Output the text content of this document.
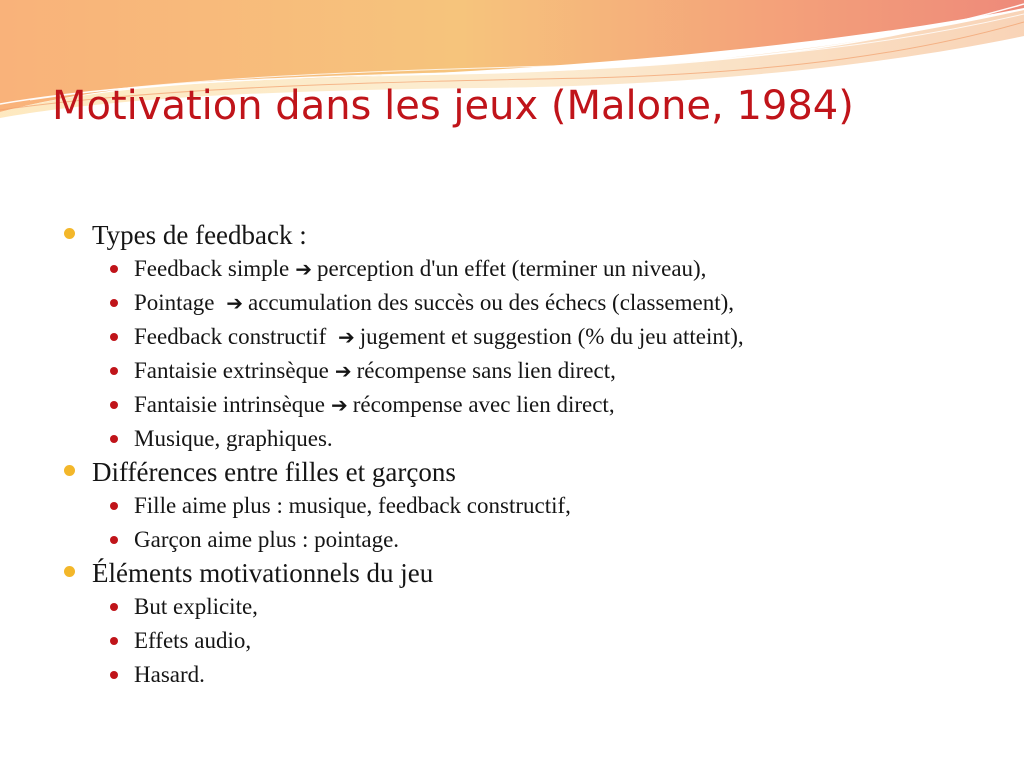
Motivation dans les jeux (Malone, 1984)
Types de feedback :
Feedback simple ➔ perception d'un effet (terminer un niveau),
Pointage ➔ accumulation des succès ou des échecs (classement),
Feedback constructif ➔ jugement et suggestion (% du jeu atteint),
Fantaisie extrinsèque ➔ récompense sans lien direct,
Fantaisie intrinsèque ➔ récompense avec lien direct,
Musique, graphiques.
Différences entre filles et garçons
Fille aime plus : musique, feedback constructif,
Garçon aime plus : pointage.
Éléments motivationnels du jeu
But explicite,
Effets audio,
Hasard.
